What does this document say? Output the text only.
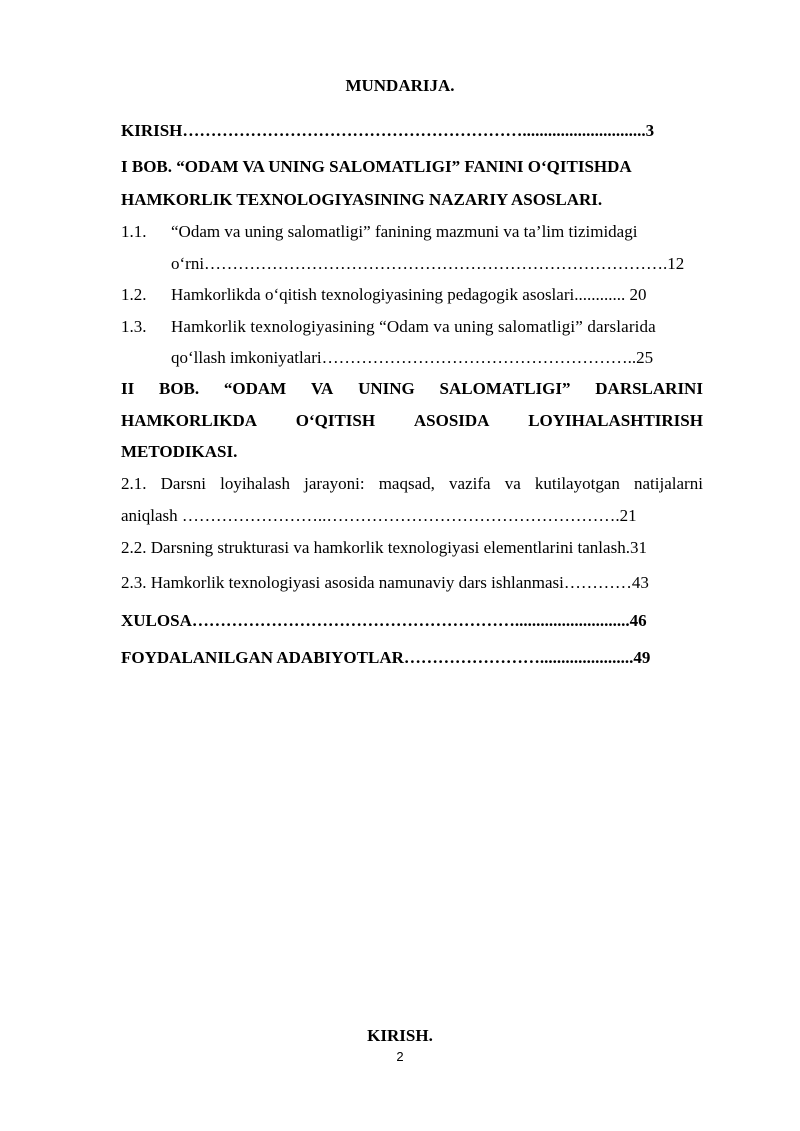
MUNDARIJA.
KIRISH…………………………………………………….............................3
I BOB. “ODAM VA UNING SALOMATLIGI” FANINI O‘QITISHDA
HAMKORLIK TEXNOLOGIYASINING NAZARIY ASOSLARI.
1.1. “Odam va uning salomatligi” fanining mazmuni va ta’lim tizimidagi
o‘rni……………………………………………………………………….12
1.2. Hamkorlikda o‘qitish texnologiyasining pedagogik asoslari............ 20
1.3. Hamkorlik texnologiyasining “Odam va uning salomatligi” darslarida
qo‘llash imkoniyatlari………………………………………………..25
II BOB. “ODAM VA UNING SALOMATLIGI” DARSLARINI
HAMKORLIKDA O‘QITISH ASOSIDA LOYIHALASHTIRISH
METODIKASI.
2.1. Darsni loyihalash jarayoni: maqsad, vazifa va kutilayotgan natijalarni
aniqlash ……………………..…………………………………………….21
2.2. Darsning strukturasi va hamkorlik texnologiyasi elementlarini tanlash.31
2.3. Hamkorlik texnologiyasi asosida namunaviy dars ishlanmasi…………43
XULOSA…………………………………………………...........................46
FOYDALANILGAN ADABIYOTLAR……………………......................49
KIRISH.
2
